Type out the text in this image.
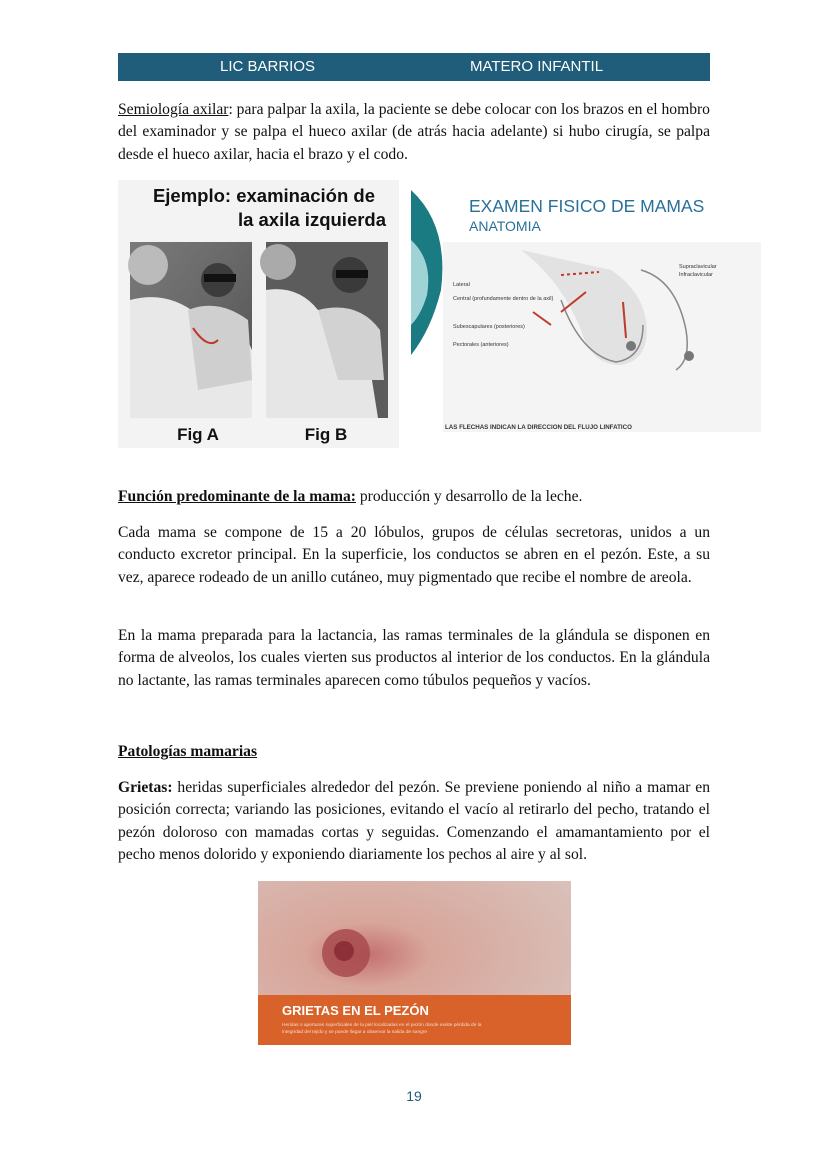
LIC BARRIOS	MATERO INFANTIL

Semiología axilar: para palpar la axila, la paciente se debe colocar con los brazos en el hombro del examinador y se palpa el hueco axilar (de atrás hacia adelante) si hubo cirugía, se palpa desde el hueco axilar, hacia el brazo y el codo.

Ejemplo: examinación de
la axila izquierda
Fig A	Fig B
EXAMEN FISICO DE MAMAS
ANATOMIA
Lateral
Central (profundamente dentro de la axil)
Subescapulares (posteriores)
Pectorales (anteriores)
Supraclavicular
Infraclavicular
LAS FLECHAS INDICAN LA DIRECCION DEL FLUJO LINFATICO

Función predominante de la mama: producción y desarrollo de la leche.

Cada mama se compone de 15 a 20 lóbulos, grupos de células secretoras, unidos a un conducto excretor principal. En la superficie, los conductos se abren en el pezón. Este, a su vez, aparece rodeado de un anillo cutáneo, muy pigmentado que recibe el nombre de areola.

En la mama preparada para la lactancia, las ramas terminales de la glándula se disponen en forma de alveolos, los cuales vierten sus productos al interior de los conductos. En la glándula no lactante, las ramas terminales aparecen como túbulos pequeños y vacíos.

Patologías mamarias

Grietas: heridas superficiales alrededor del pezón. Se previene poniendo al niño a mamar en posición correcta; variando las posiciones, evitando el vacío al retirarlo del pecho, tratando el pezón doloroso con mamadas cortas y seguidas. Comenzando el amamantamiento por el pecho menos dolorido y exponiendo diariamente los pechos al aire y al sol.

GRIETAS EN EL PEZÓN
Heridas o aperturas superficiales de la piel localizadas en el pezón donde existe pérdida de la
integridad del tejido y se puede llegar a observar la salida de sangre
19
